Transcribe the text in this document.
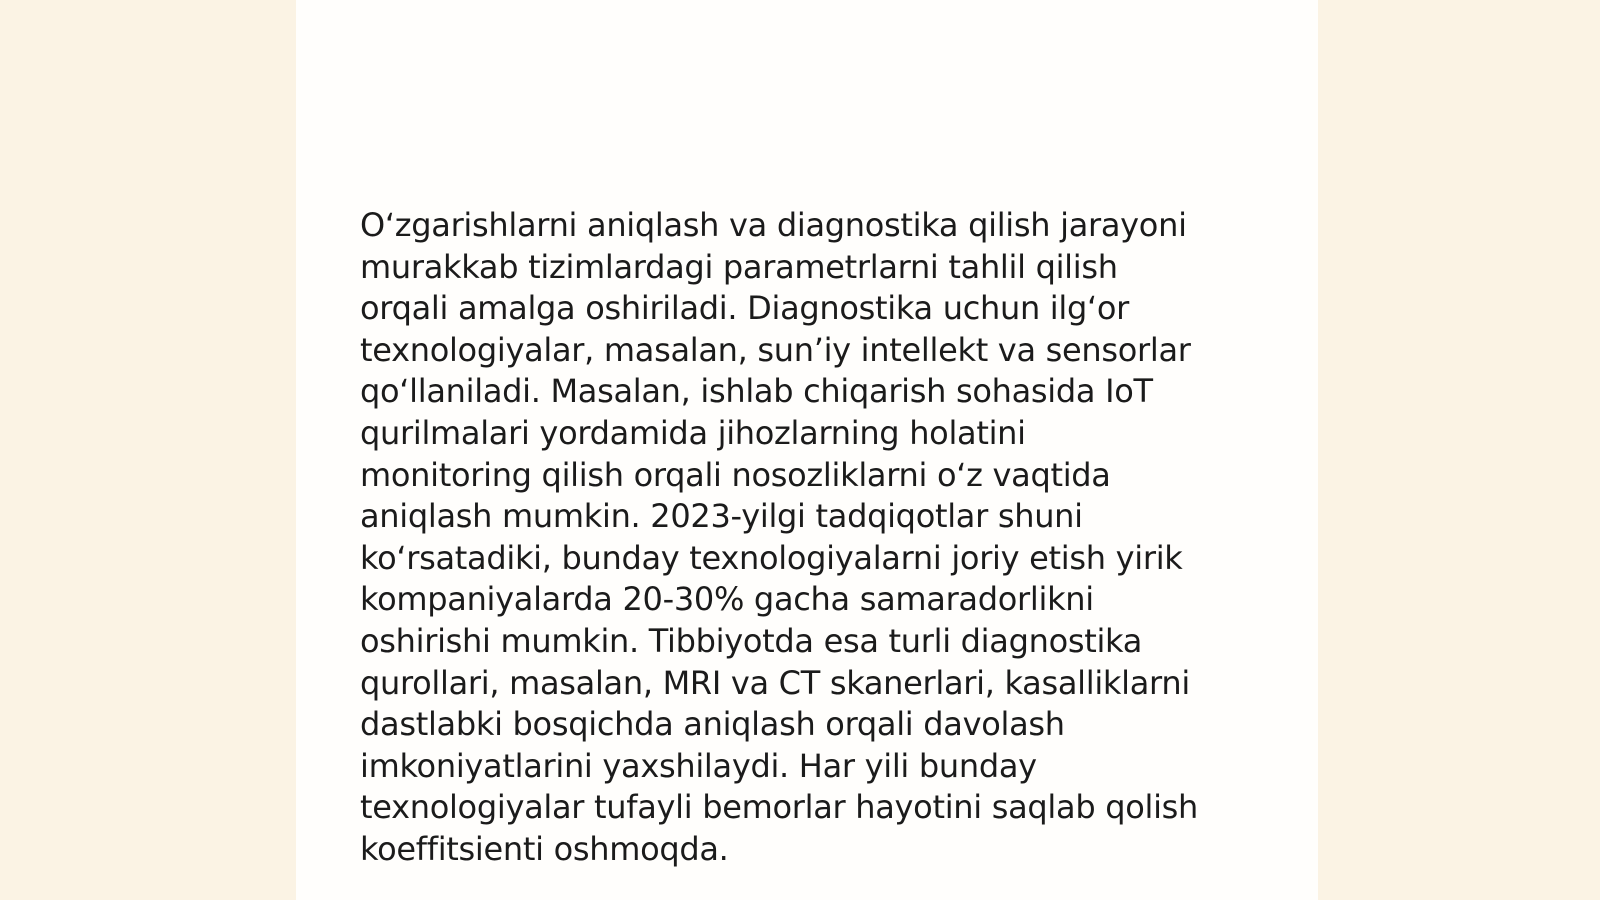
O‘zgarishlarni aniqlash va diagnostika qilish jarayoni
murakkab tizimlardagi parametrlarni tahlil qilish
orqali amalga oshiriladi. Diagnostika uchun ilg‘or
texnologiyalar, masalan, sun’iy intellekt va sensorlar
qo‘llaniladi. Masalan, ishlab chiqarish sohasida IoT
qurilmalari yordamida jihozlarning holatini
monitoring qilish orqali nosozliklarni o‘z vaqtida
aniqlash mumkin. 2023-yilgi tadqiqotlar shuni
ko‘rsatadiki, bunday texnologiyalarni joriy etish yirik
kompaniyalarda 20-30% gacha samaradorlikni
oshirishi mumkin. Tibbiyotda esa turli diagnostika
qurollari, masalan, MRI va CT skanerlari, kasalliklarni
dastlabki bosqichda aniqlash orqali davolash
imkoniyatlarini yaxshilaydi. Har yili bunday
texnologiyalar tufayli bemorlar hayotini saqlab qolish
koeffitsienti oshmoqda.
